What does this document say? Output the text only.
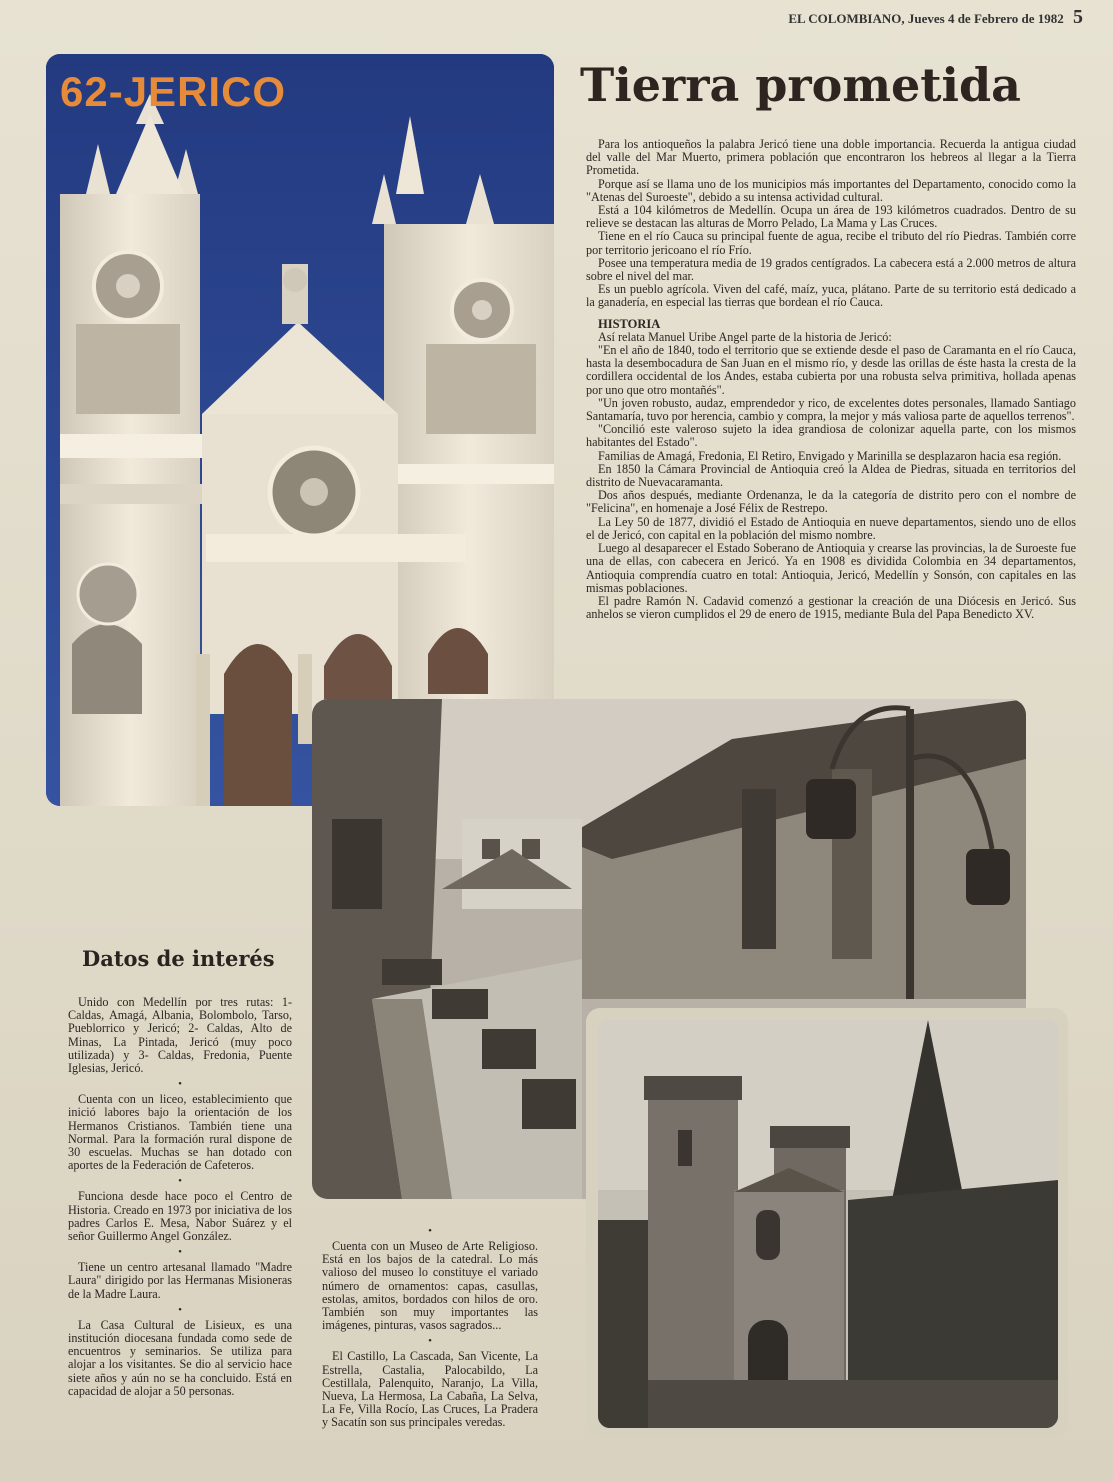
EL COLOMBIANO, Jueves 4 de Febrero de 1982 5
62-JERICO	Tierra prometida

Para los antioqueños la palabra Jericó tiene una doble importancia. Recuerda la antigua ciudad del valle del Mar Muerto, primera población que encontraron los hebreos al llegar a la Tierra Prometida.

Porque así se llama uno de los municipios más importantes del Departamento, conocido como la "Atenas del Suroeste", debido a su intensa actividad cultural.

Está a 104 kilómetros de Medellín. Ocupa un área de 193 kilómetros cuadrados. Dentro de su relieve se destacan las alturas de Morro Pelado, La Mama y Las Cruces.

Tiene en el río Cauca su principal fuente de agua, recibe el tributo del río Piedras. También corre por territorio jericoano el río Frío.

Posee una temperatura media de 19 grados centígrados. La cabecera está a 2.000 metros de altura sobre el nivel del mar.

Es un pueblo agrícola. Viven del café, maíz, yuca, plátano. Parte de su territorio está dedicado a la ganadería, en especial las tierras que bordean el río Cauca.

HISTORIA

Así relata Manuel Uribe Angel parte de la historia de Jericó:

"En el año de 1840, todo el territorio que se extiende desde el paso de Caramanta en el río Cauca, hasta la desembocadura de San Juan en el mismo río, y desde las orillas de éste hasta la cresta de la cordillera occidental de los Andes, estaba cubierta por una robusta selva primitiva, hollada apenas por uno que otro montañés".

"Un joven robusto, audaz, emprendedor y rico, de excelentes dotes personales, llamado Santiago Santamaría, tuvo por herencia, cambio y compra, la mejor y más valiosa parte de aquellos terrenos".

"Concilió este valeroso sujeto la idea grandiosa de colonizar aquella parte, con los mismos habitantes del Estado".

Familias de Amagá, Fredonia, El Retiro, Envigado y Marinilla se desplazaron hacia esa región.

En 1850 la Cámara Provincial de Antioquia creó la Aldea de Piedras, situada en territorios del distrito de Nuevacaramanta.

Dos años después, mediante Ordenanza, le da la categoría de distrito pero con el nombre de "Felicina", en homenaje a José Félix de Restrepo.

La Ley 50 de 1877, dividió el Estado de Antioquia en nueve departamentos, siendo uno de ellos el de Jericó, con capital en la población del mismo nombre.

Luego al desaparecer el Estado Soberano de Antioquia y crearse las provincias, la de Suroeste fue una de ellas, con cabecera en Jericó. Ya en 1908 es dividida Colombia en 34 departamentos, Antioquia comprendía cuatro en total: Antioquia, Jericó, Medellín y Sonsón, con capitales en las mismas poblaciones.

El padre Ramón N. Cadavid comenzó a gestionar la creación de una Diócesis en Jericó. Sus anhelos se vieron cumplidos el 29 de enero de 1915, mediante Bula del Papa Benedicto XV.

Datos de interés

Unido con Medellín por tres rutas: 1- Caldas, Amagá, Albania, Bolombolo, Tarso, Pueblorrico y Jericó; 2- Caldas, Alto de Minas, La Pintada, Jericó (muy poco utilizada) y 3- Caldas, Fredonia, Puente Iglesias, Jericó.

•

Cuenta con un liceo, establecimiento que inició labores bajo la orientación de los Hermanos Cristianos. También tiene una Normal. Para la formación rural dispone de 30 escuelas. Muchas se han dotado con aportes de la Federación de Cafeteros.

•

Funciona desde hace poco el Centro de Historia. Creado en 1973 por iniciativa de los padres Carlos E. Mesa, Nabor Suárez y el señor Guillermo Angel González.

•

Tiene un centro artesanal llamado "Madre Laura" dirigido por las Hermanas Misioneras de la Madre Laura.

•

La Casa Cultural de Lisieux, es una institución diocesana fundada como sede de encuentros y seminarios. Se utiliza para alojar a los visitantes. Se dio al servicio hace siete años y aún no se ha concluido. Está en capacidad de alojar a 50 personas.

•

Cuenta con un Museo de Arte Religioso. Está en los bajos de la catedral. Lo más valioso del museo lo constituye el variado número de ornamentos: capas, casullas, estolas, amitos, bordados con hilos de oro. También son muy importantes las imágenes, pinturas, vasos sagrados...

•

El Castillo, La Cascada, San Vicente, La Estrella, Castalia, Palocabildo, La Cestillala, Palenquito, Naranjo, La Villa, Nueva, La Hermosa, La Cabaña, La Selva, La Fe, Villa Rocío, Las Cruces, La Pradera y Sacatín son sus principales veredas.
